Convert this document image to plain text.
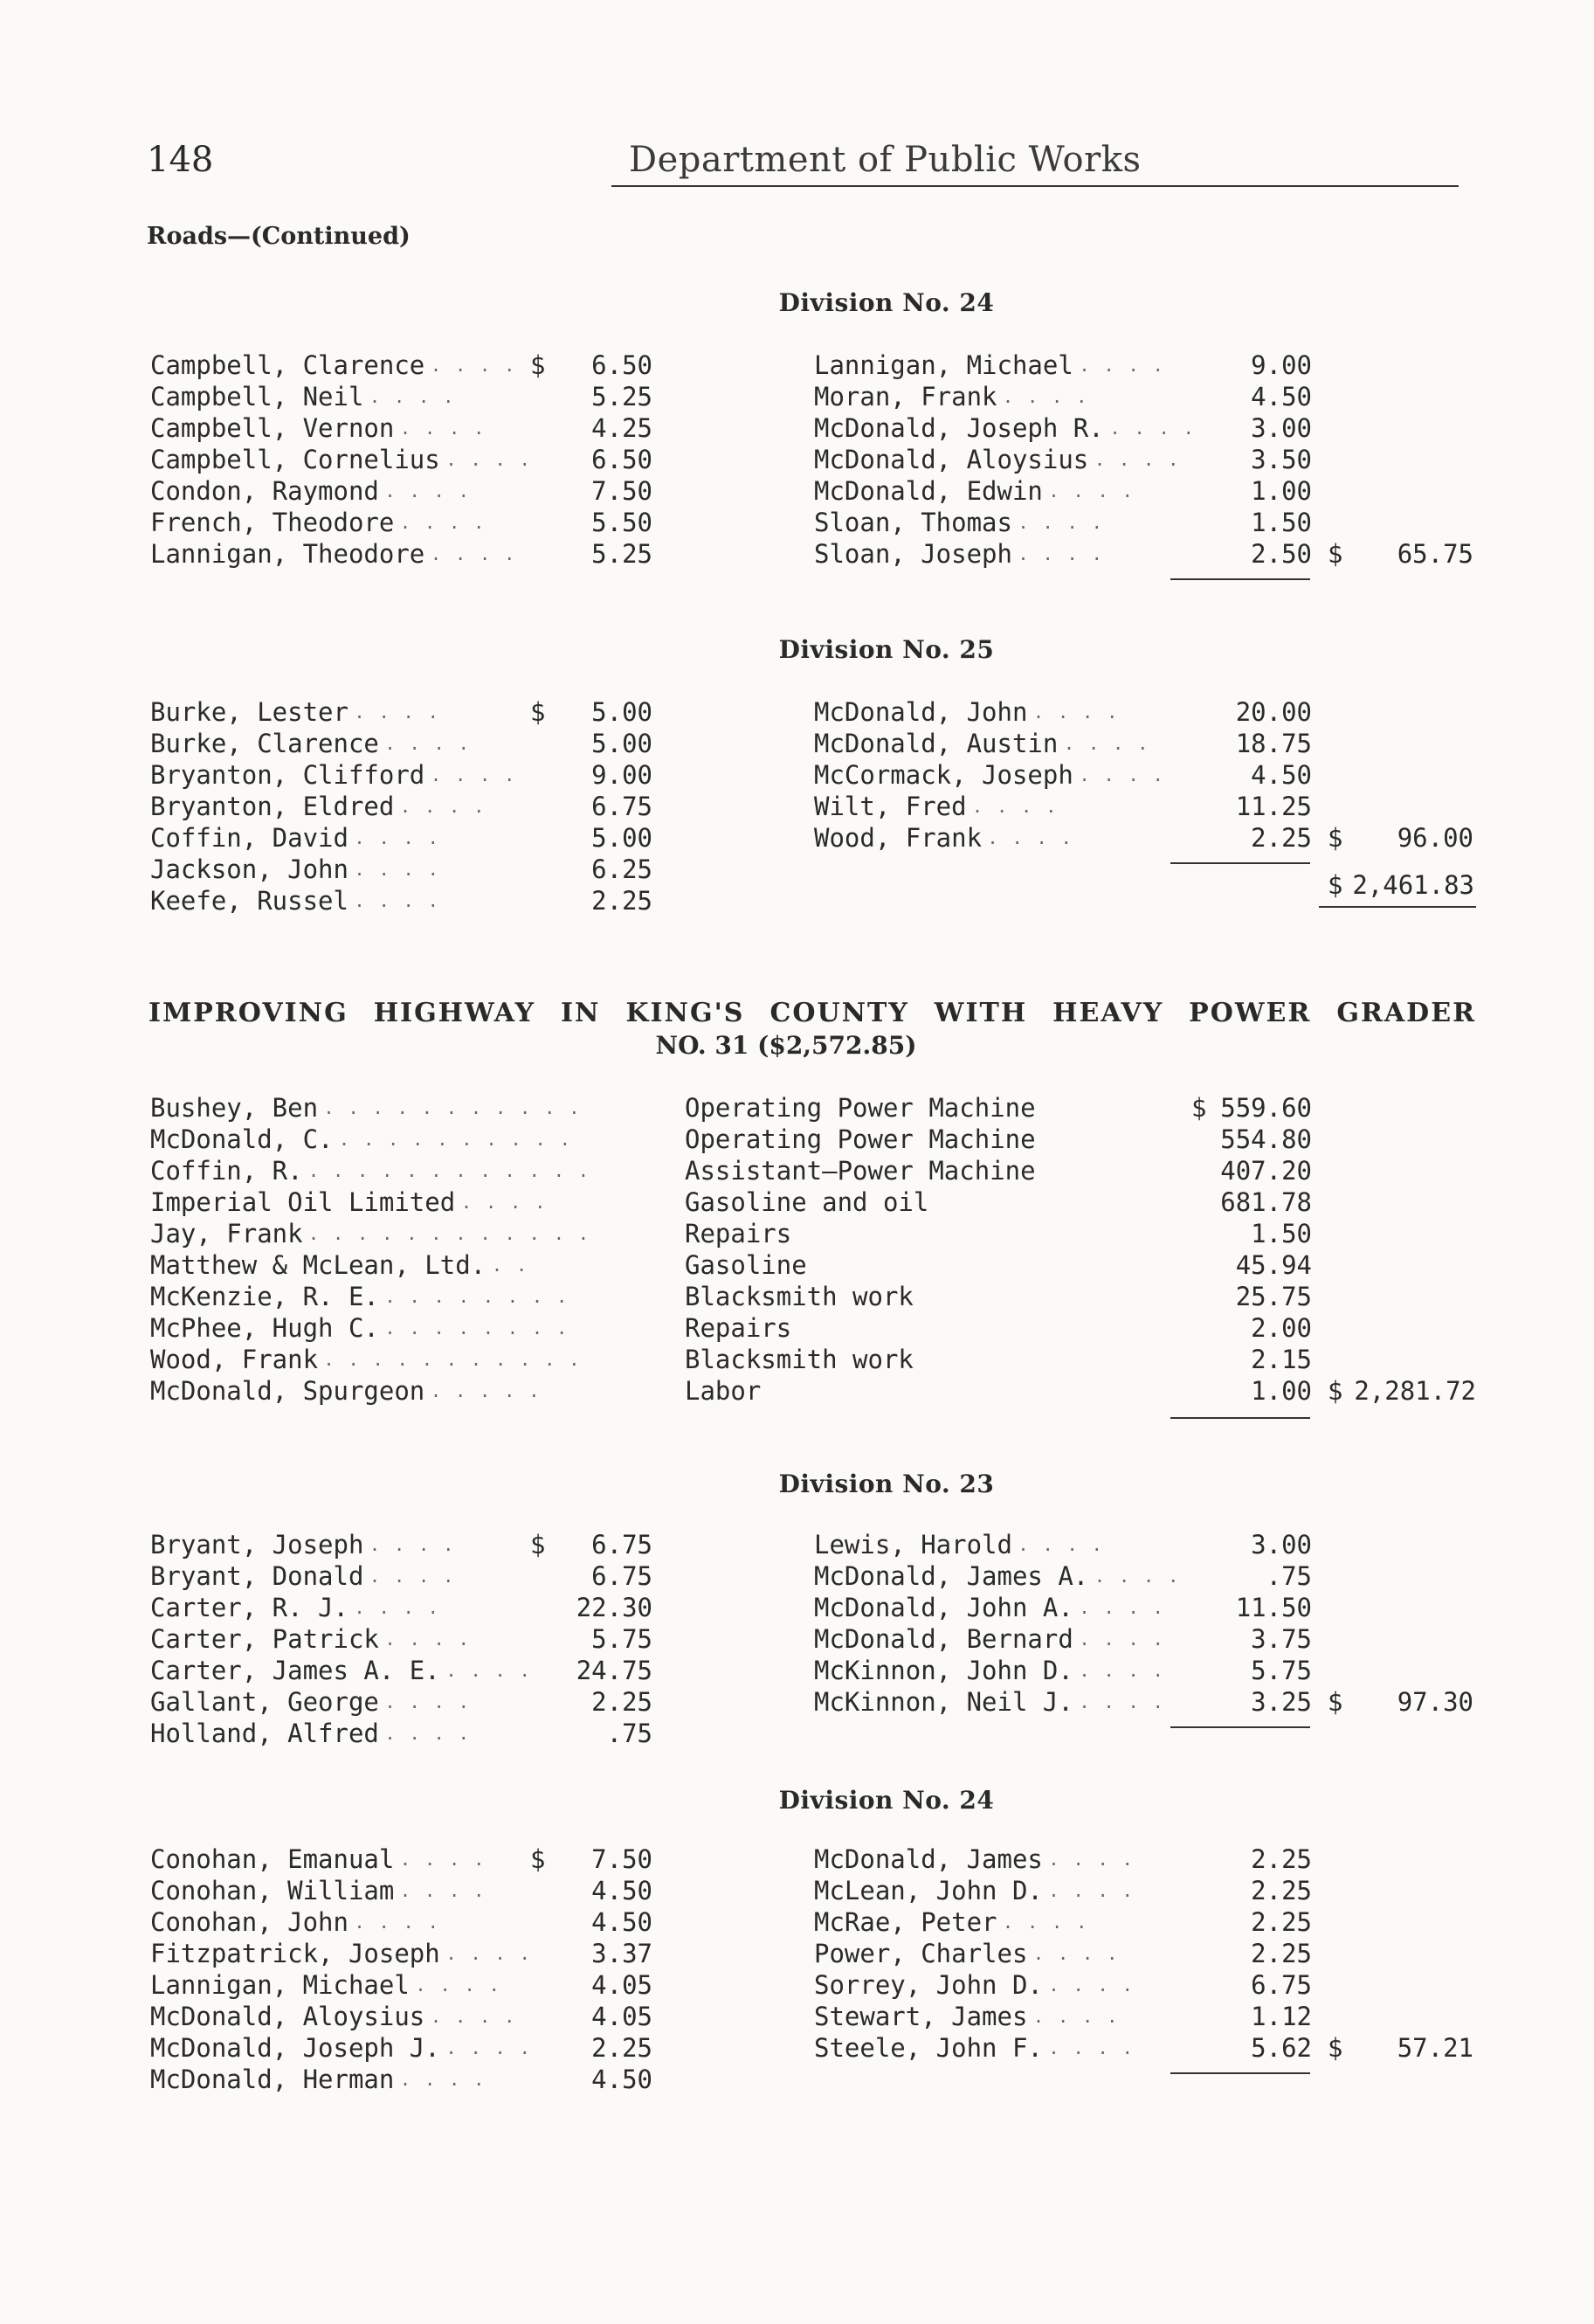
148	Department of Public Works
Roads—(Continued)
Division No. 24
Campbell, Clarence . . . . $	6.50
Campbell, Neil . . . .	5.25
Campbell, Vernon . . . .	4.25
Campbell, Cornelius . . . .	6.50
Condon, Raymond . . . .	7.50
French, Theodore . . . .	5.50
Lannigan, Theodore . . . .	5.25
Lannigan, Michael . . . .	9.00
Moran, Frank . . . .	4.50
McDonald, Joseph R. . . . .	3.00
McDonald, Aloysius . . . .	3.50
McDonald, Edwin . . . .	1.00
Sloan, Thomas . . . .	1.50
Sloan, Joseph . . . .	2.50 $	65.75
Division No. 25
Burke, Lester . . . .	$	5.00
Burke, Clarence . . . .	5.00
Bryanton, Clifford . . . .	9.00
Bryanton, Eldred . . . .	6.75
Coffin, David . . . .	5.00
Jackson, John . . . .	6.25
Keefe, Russel . . . .	2.25
McDonald, John . . . .	20.00
McDonald, Austin . . . .	18.75
McCormack, Joseph . . . .	4.50
Wilt, Fred . . . .	11.25
Wood, Frank . . . .	2.25 $	96.00
$ 2,461.83
Bushey, Ben . . . . . . . . . . .	Operating Power Machine	$ 559.60
McDonald, C. . . . . . . . . . .	Operating Power Machine	554.80
Coffin, R. . . . . . . . . . . . .	Assistant—Power Machine	407.20
Imperial Oil Limited . . . .	Gasoline and oil	681.78
Jay, Frank . . . . . . . . . . . .	Repairs	1.50
Matthew & McLean, Ltd. . .	Gasoline	45.94
McKenzie, R. E. . . . . . . . .	Blacksmith work	25.75
McPhee, Hugh C. . . . . . . . .	Repairs	2.00
Wood, Frank . . . . . . . . . . .	Blacksmith work	2.15
McDonald, Spurgeon . . . . .	Labor	1.00 $ 2,281.72
Division No. 23
Bryant, Joseph . . . .	$	6.75
Bryant, Donald . . . .	6.75
Carter, R. J. . . . .	22.30
Carter, Patrick . . . .	5.75
Carter, James A. E. . . . .	24.75
Gallant, George . . . .	2.25
Holland, Alfred . . . .	.75
Lewis, Harold . . . .	3.00
McDonald, James A. . . . .	.75
McDonald, John A. . . . .	11.50
McDonald, Bernard . . . .	3.75
McKinnon, John D. . . . .	5.75
McKinnon, Neil J. . . . .	3.25 $	97.30
Division No. 24
Conohan, Emanual . . . . $	7.50
Conohan, William . . . .	4.50
Conohan, John . . . .	4.50
Fitzpatrick, Joseph . . . .	3.37
Lannigan, Michael . . . .	4.05
McDonald, Aloysius . . . .	4.05
McDonald, Joseph J. . . . .	2.25
McDonald, Herman . . . .	4.50
McDonald, James . . . .	2.25
McLean, John D. . . . .	2.25
McRae, Peter . . . .	2.25
Power, Charles . . . .	2.25
Sorrey, John D. . . . .	6.75
Stewart, James . . . .	1.12
Steele, John F. . . . .	5.62 $	57.21
IMPROVING HIGHWAY IN KING'S COUNTY WITH HEAVY POWER GRADER
NO. 31 ($2,572.85)
